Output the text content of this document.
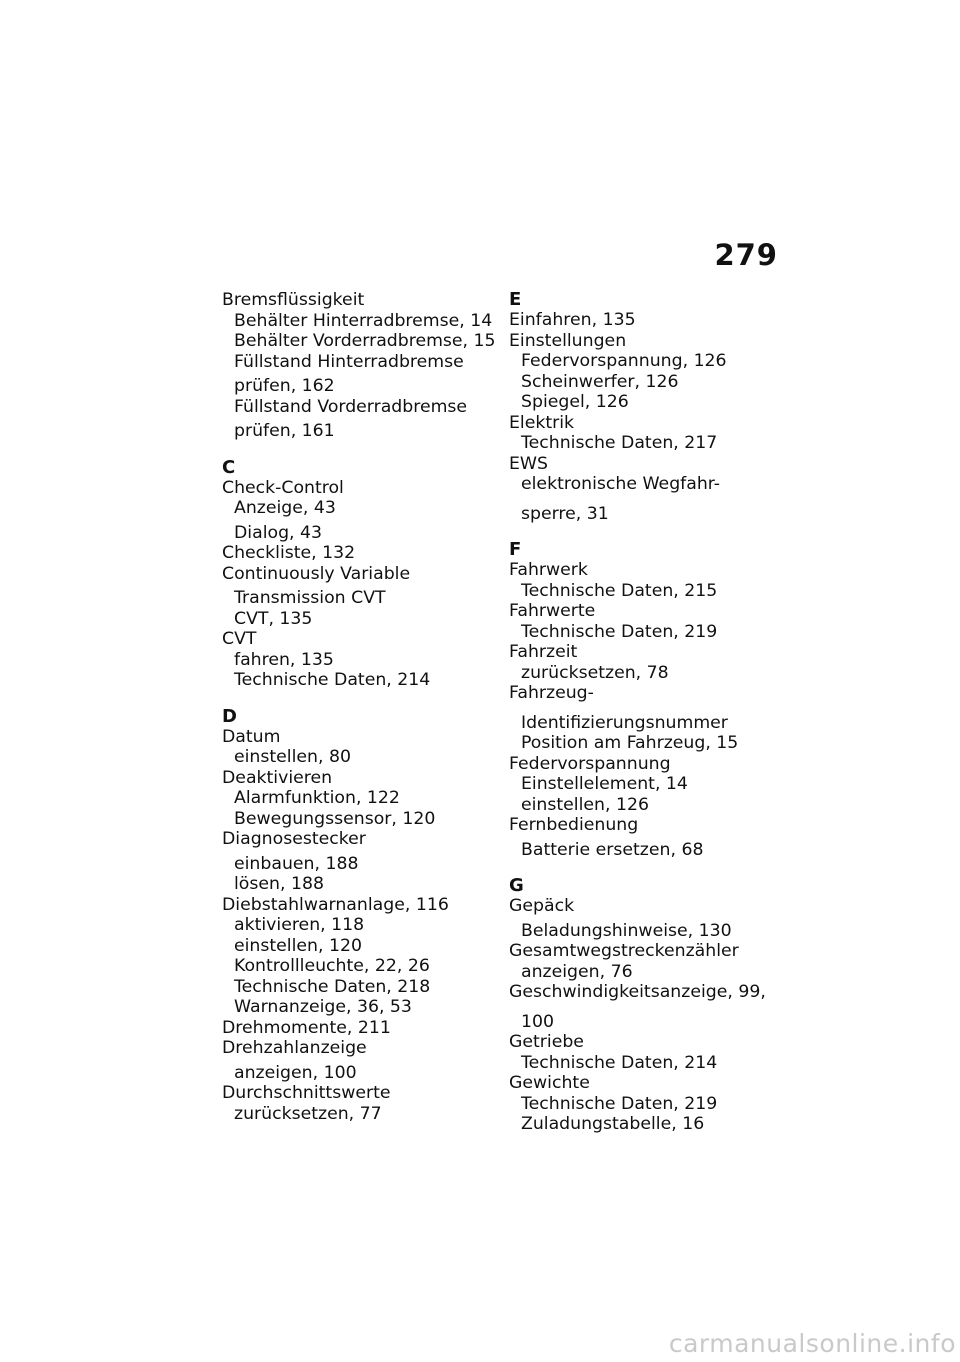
279
Bremsflüssigkeit
Behälter Hinterradbremse, 14
Behälter Vorderradbremse, 15
Füllstand Hinterradbremse
prüfen, 162
Füllstand Vorderradbremse
prüfen, 161
C
Check-Control
Anzeige, 43
Dialog, 43
Checkliste, 132
Continuously Variable
Transmission CVT
CVT, 135
CVT
fahren, 135
Technische Daten, 214
D
Datum
einstellen, 80
Deaktivieren
Alarmfunktion, 122
Bewegungssensor, 120
Diagnosestecker
einbauen, 188
lösen, 188
Diebstahlwarnanlage, 116
aktivieren, 118
einstellen, 120
Kontrollleuchte, 22, 26
Technische Daten, 218
Warnanzeige, 36, 53
Drehmomente, 211
Drehzahlanzeige
anzeigen, 100
Durchschnittswerte
zurücksetzen, 77
E
Einfahren, 135
Einstellungen
Federvorspannung, 126
Scheinwerfer, 126
Spiegel, 126
Elektrik
Technische Daten, 217
EWS
elektronische Wegfahr-
sperre, 31
F
Fahrwerk
Technische Daten, 215
Fahrwerte
Technische Daten, 219
Fahrzeit
zurücksetzen, 78
Fahrzeug-
Identifizierungsnummer
Position am Fahrzeug, 15
Federvorspannung
Einstellelement, 14
einstellen, 126
Fernbedienung
Batterie ersetzen, 68
G
Gepäck
Beladungshinweise, 130
Gesamtwegstreckenzähler
anzeigen, 76
Geschwindigkeitsanzeige, 99,
100
Getriebe
Technische Daten, 214
Gewichte
Technische Daten, 219
Zuladungstabelle, 16
carmanualsonline.info
